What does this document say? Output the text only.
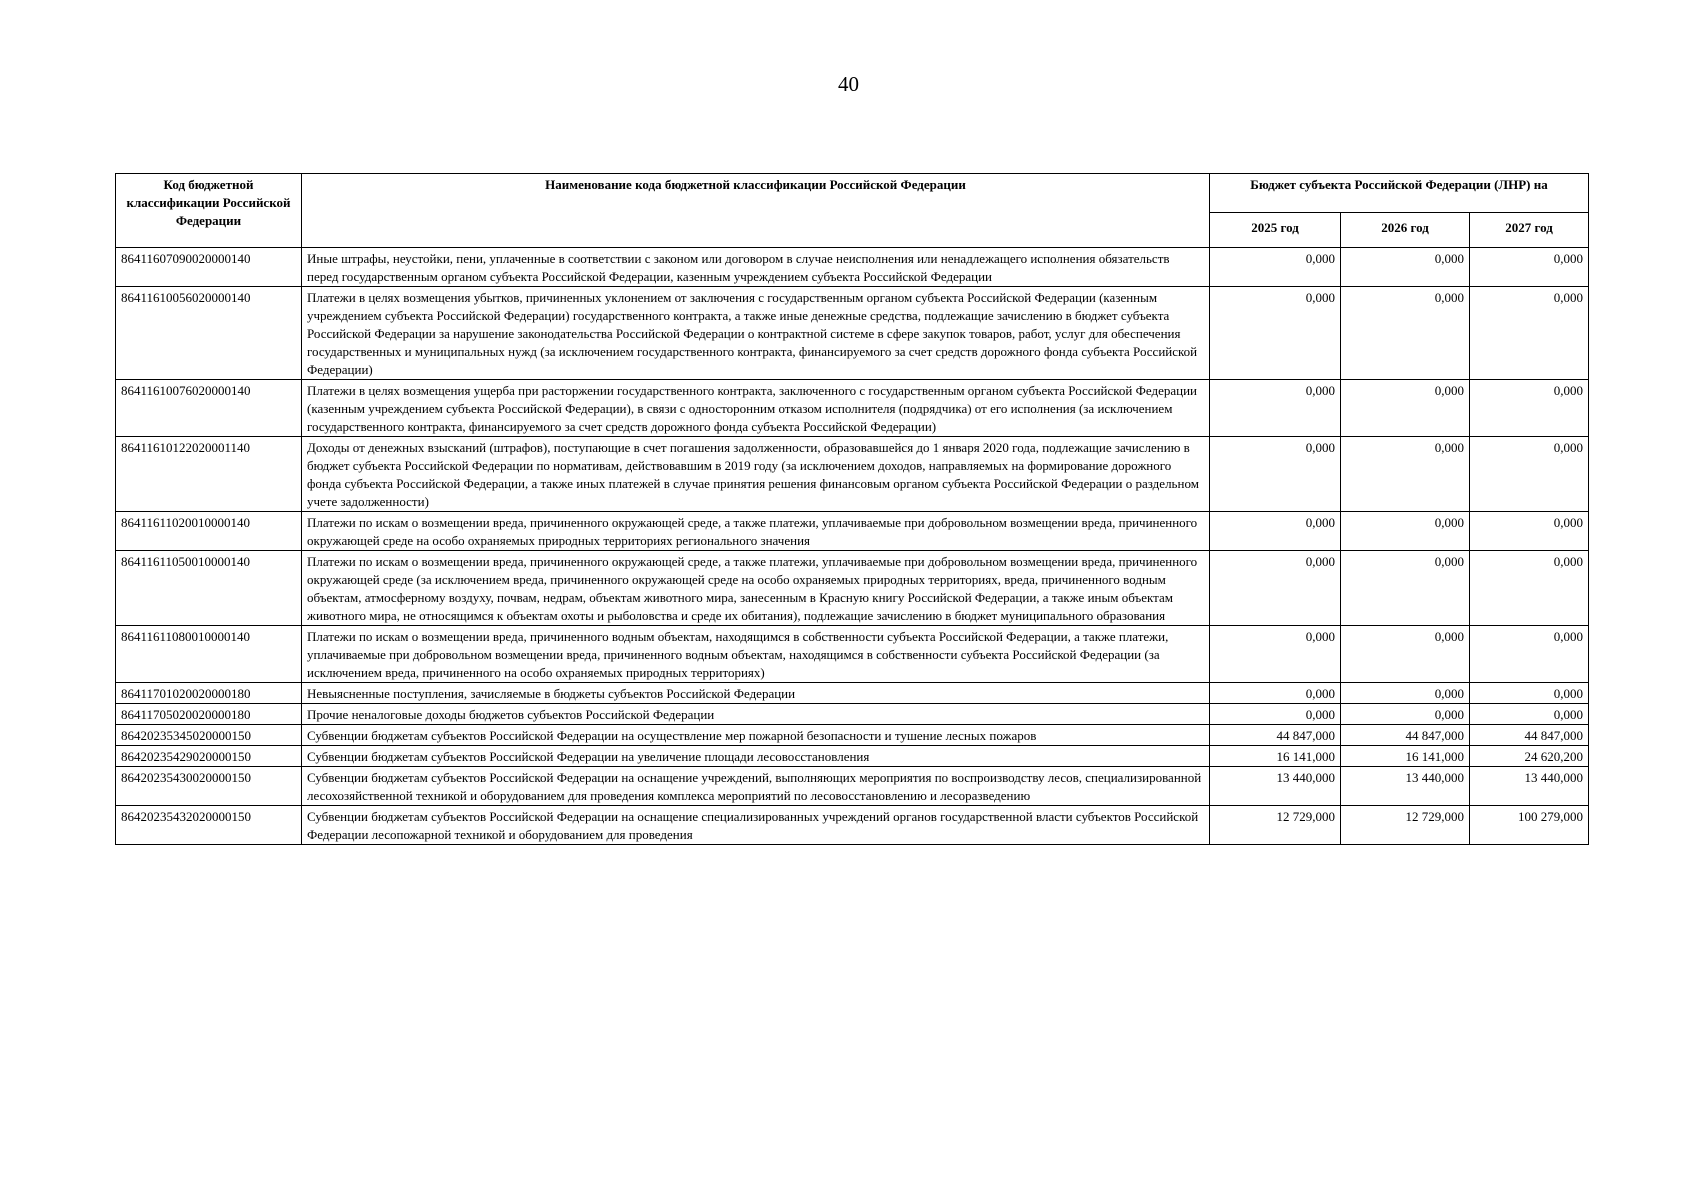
40
Код бюджетной классификации Российской Федерации	Наименование кода бюджетной классификации Российской Федерации	Бюджет субъекта Российской Федерации (ЛНР) на		
		2025 год	2026 год	2027 год
86411607090020000140	Иные штрафы, неустойки, пени, уплаченные в соответствии с законом или договором в случае неисполнения или ненадлежащего исполнения обязательств перед государственным органом субъекта Российской Федерации, казенным учреждением субъекта Российской Федерации	0,000	0,000	0,000
86411610056020000140	Платежи в целях возмещения убытков, причиненных уклонением от заключения с государственным органом субъекта Российской Федерации (казенным учреждением субъекта Российской Федерации) государственного контракта, а также иные денежные средства, подлежащие зачислению в бюджет субъекта Российской Федерации за нарушение законодательства Российской Федерации о контрактной системе в сфере закупок товаров, работ, услуг для обеспечения государственных и муниципальных нужд (за исключением государственного контракта, финансируемого за счет средств дорожного фонда субъекта Российской Федерации)	0,000	0,000	0,000
86411610076020000140	Платежи в целях возмещения ущерба при расторжении государственного контракта, заключенного с государственным органом субъекта Российской Федерации (казенным учреждением субъекта Российской Федерации), в связи с односторонним отказом исполнителя (подрядчика) от его исполнения (за исключением государственного контракта, финансируемого за счет средств дорожного фонда субъекта Российской Федерации)	0,000	0,000	0,000
86411610122020001140	Доходы от денежных взысканий (штрафов), поступающие в счет погашения задолженности, образовавшейся до 1 января 2020 года, подлежащие зачислению в бюджет субъекта Российской Федерации по нормативам, действовавшим в 2019 году (за исключением доходов, направляемых на формирование дорожного фонда субъекта Российской Федерации, а также иных платежей в случае принятия решения финансовым органом субъекта Российской Федерации о раздельном учете задолженности)	0,000	0,000	0,000
86411611020010000140	Платежи по искам о возмещении вреда, причиненного окружающей среде, а также платежи, уплачиваемые при добровольном возмещении вреда, причиненного окружающей среде на особо охраняемых природных территориях регионального значения	0,000	0,000	0,000
86411611050010000140	Платежи по искам о возмещении вреда, причиненного окружающей среде, а также платежи, уплачиваемые при добровольном возмещении вреда, причиненного окружающей среде (за исключением вреда, причиненного окружающей среде на особо охраняемых природных территориях, вреда, причиненного водным объектам, атмосферному воздуху, почвам, недрам, объектам животного мира, занесенным в Красную книгу Российской Федерации, а также иным объектам животного мира, не относящимся к объектам охоты и рыболовства и среде их обитания), подлежащие зачислению в бюджет муниципального образования	0,000	0,000	0,000
86411611080010000140	Платежи по искам о возмещении вреда, причиненного водным объектам, находящимся в собственности субъекта Российской Федерации, а также платежи, уплачиваемые при добровольном возмещении вреда, причиненного водным объектам, находящимся в собственности субъекта Российской Федерации (за исключением вреда, причиненного на особо охраняемых природных территориях)	0,000	0,000	0,000
86411701020020000180	Невыясненные поступления, зачисляемые в бюджеты субъектов Российской Федерации	0,000	0,000	0,000
86411705020020000180	Прочие неналоговые доходы бюджетов субъектов Российской Федерации	0,000	0,000	0,000
86420235345020000150	Субвенции бюджетам субъектов Российской Федерации на осуществление мер пожарной безопасности и тушение лесных пожаров	44 847,000	44 847,000	44 847,000
86420235429020000150	Субвенции бюджетам субъектов Российской Федерации на увеличение площади лесовосстановления	16 141,000	16 141,000	24 620,200
86420235430020000150	Субвенции бюджетам субъектов Российской Федерации на оснащение учреждений, выполняющих мероприятия по воспроизводству лесов, специализированной лесохозяйственной техникой и оборудованием для проведения комплекса мероприятий по лесовосстановлению и лесоразведению	13 440,000	13 440,000	13 440,000
86420235432020000150	Субвенции бюджетам субъектов Российской Федерации на оснащение специализированных учреждений органов государственной власти субъектов Российской Федерации лесопожарной техникой и оборудованием для проведения	12 729,000	12 729,000	100 279,000
